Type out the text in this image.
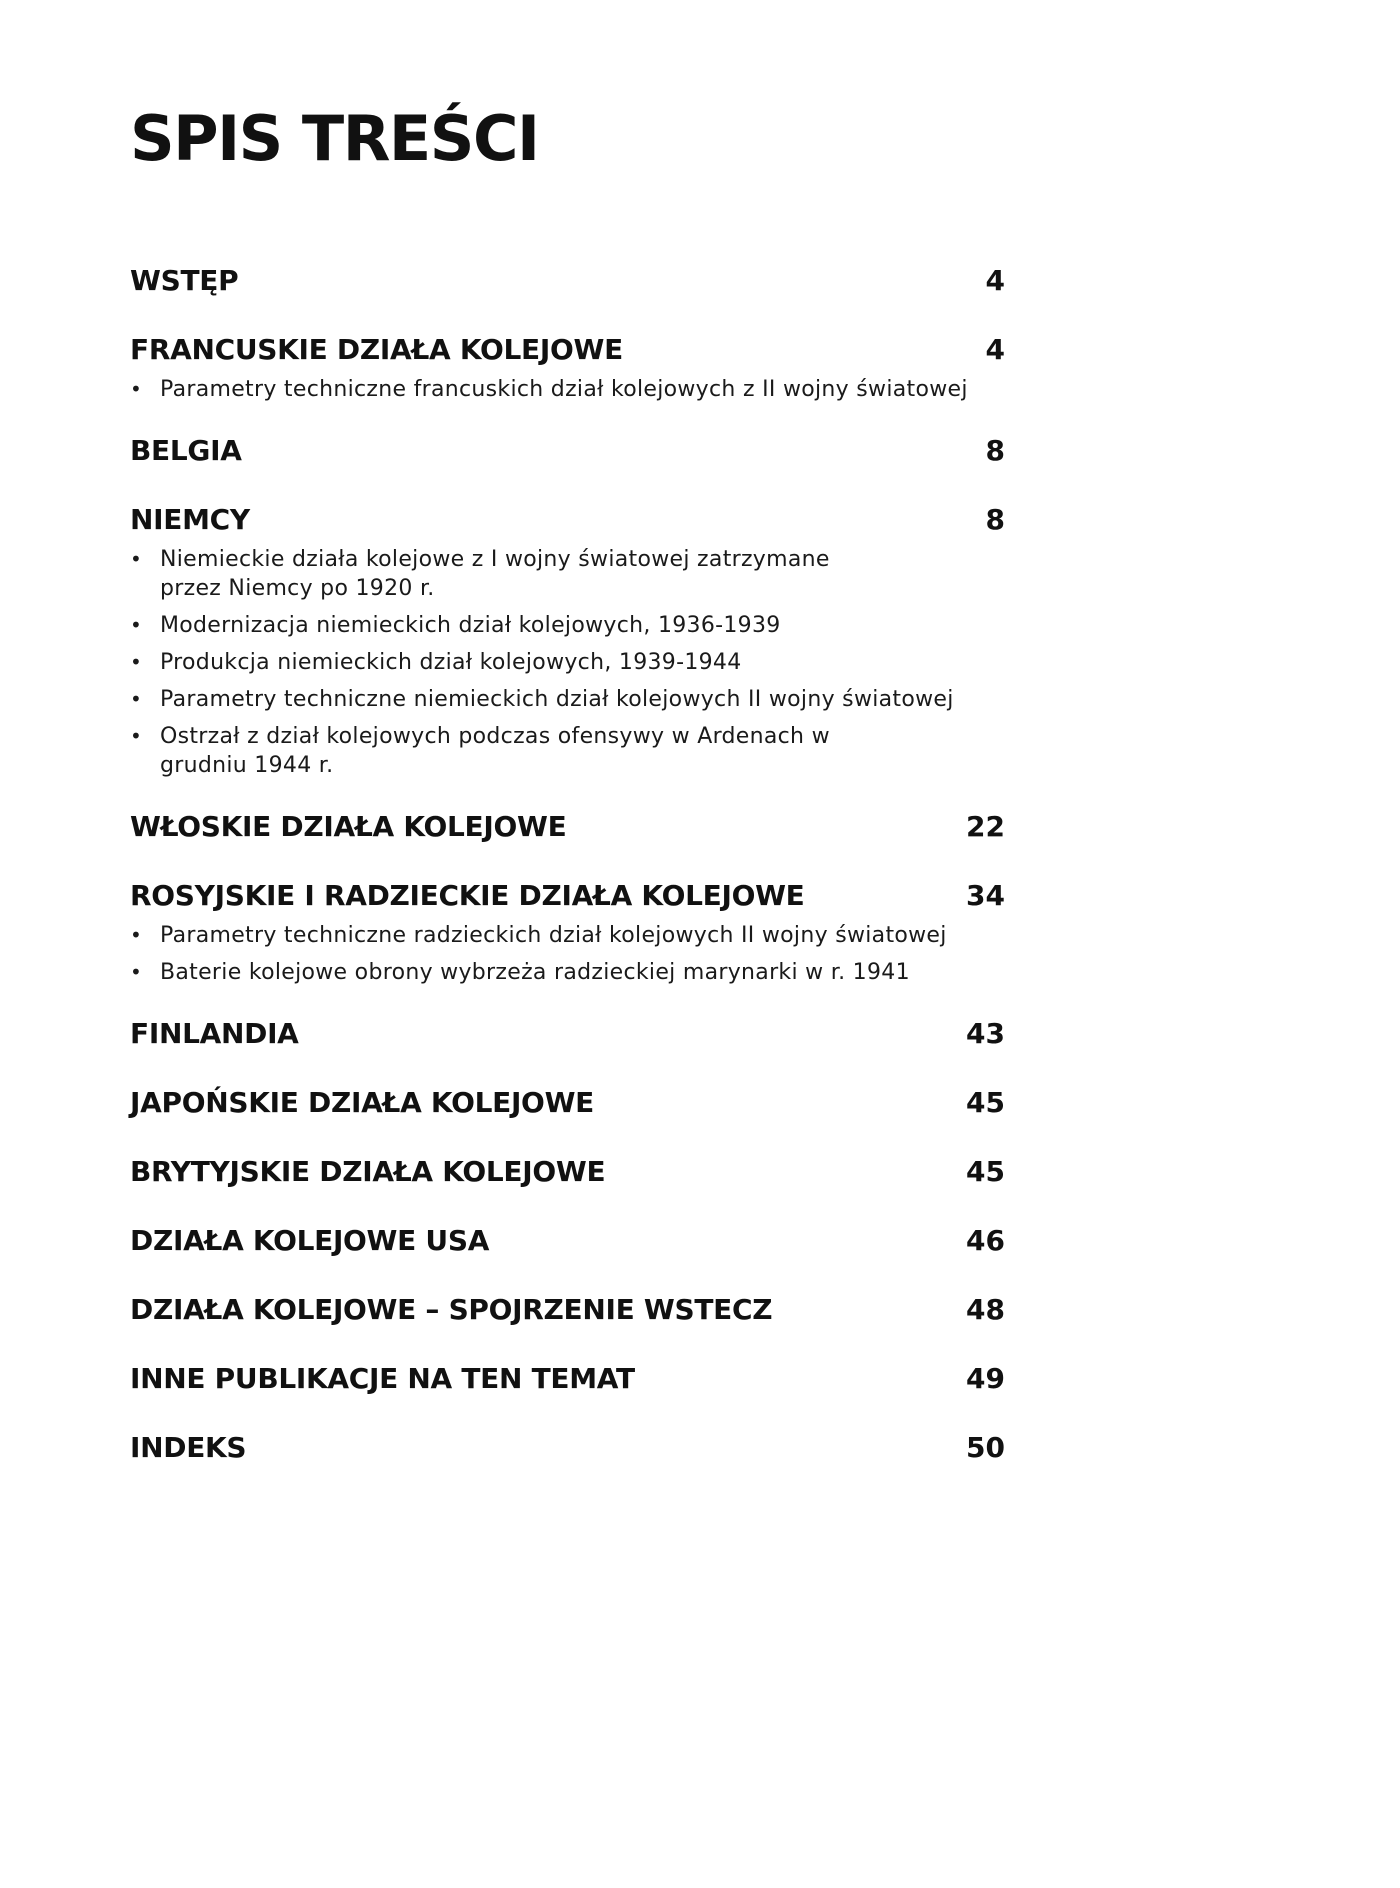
SPIS TREŚCI
WSTĘP	4
FRANCUSKIE DZIAŁA KOLEJOWE	4
• Parametry techniczne francuskich dział kolejowych z II wojny światowej
BELGIA	8
NIEMCY	8
• Niemieckie działa kolejowe z I wojny światowej zatrzymane przez Niemcy po 1920 r.
• Modernizacja niemieckich dział kolejowych, 1936-1939
• Produkcja niemieckich dział kolejowych, 1939-1944
• Parametry techniczne niemieckich dział kolejowych II wojny światowej
• Ostrzał z dział kolejowych podczas ofensywy w Ardenach w grudniu 1944 r.
WŁOSKIE DZIAŁA KOLEJOWE	22
ROSYJSKIE I RADZIECKIE DZIAŁA KOLEJOWE	34
• Parametry techniczne radzieckich dział kolejowych II wojny światowej
• Baterie kolejowe obrony wybrzeża radzieckiej marynarki w r. 1941
FINLANDIA	43
JAPOŃSKIE DZIAŁA KOLEJOWE	45
BRYTYJSKIE DZIAŁA KOLEJOWE	45
DZIAŁA KOLEJOWE USA	46
DZIAŁA KOLEJOWE – SPOJRZENIE WSTECZ	48
INNE PUBLIKACJE NA TEN TEMAT	49
INDEKS	50
